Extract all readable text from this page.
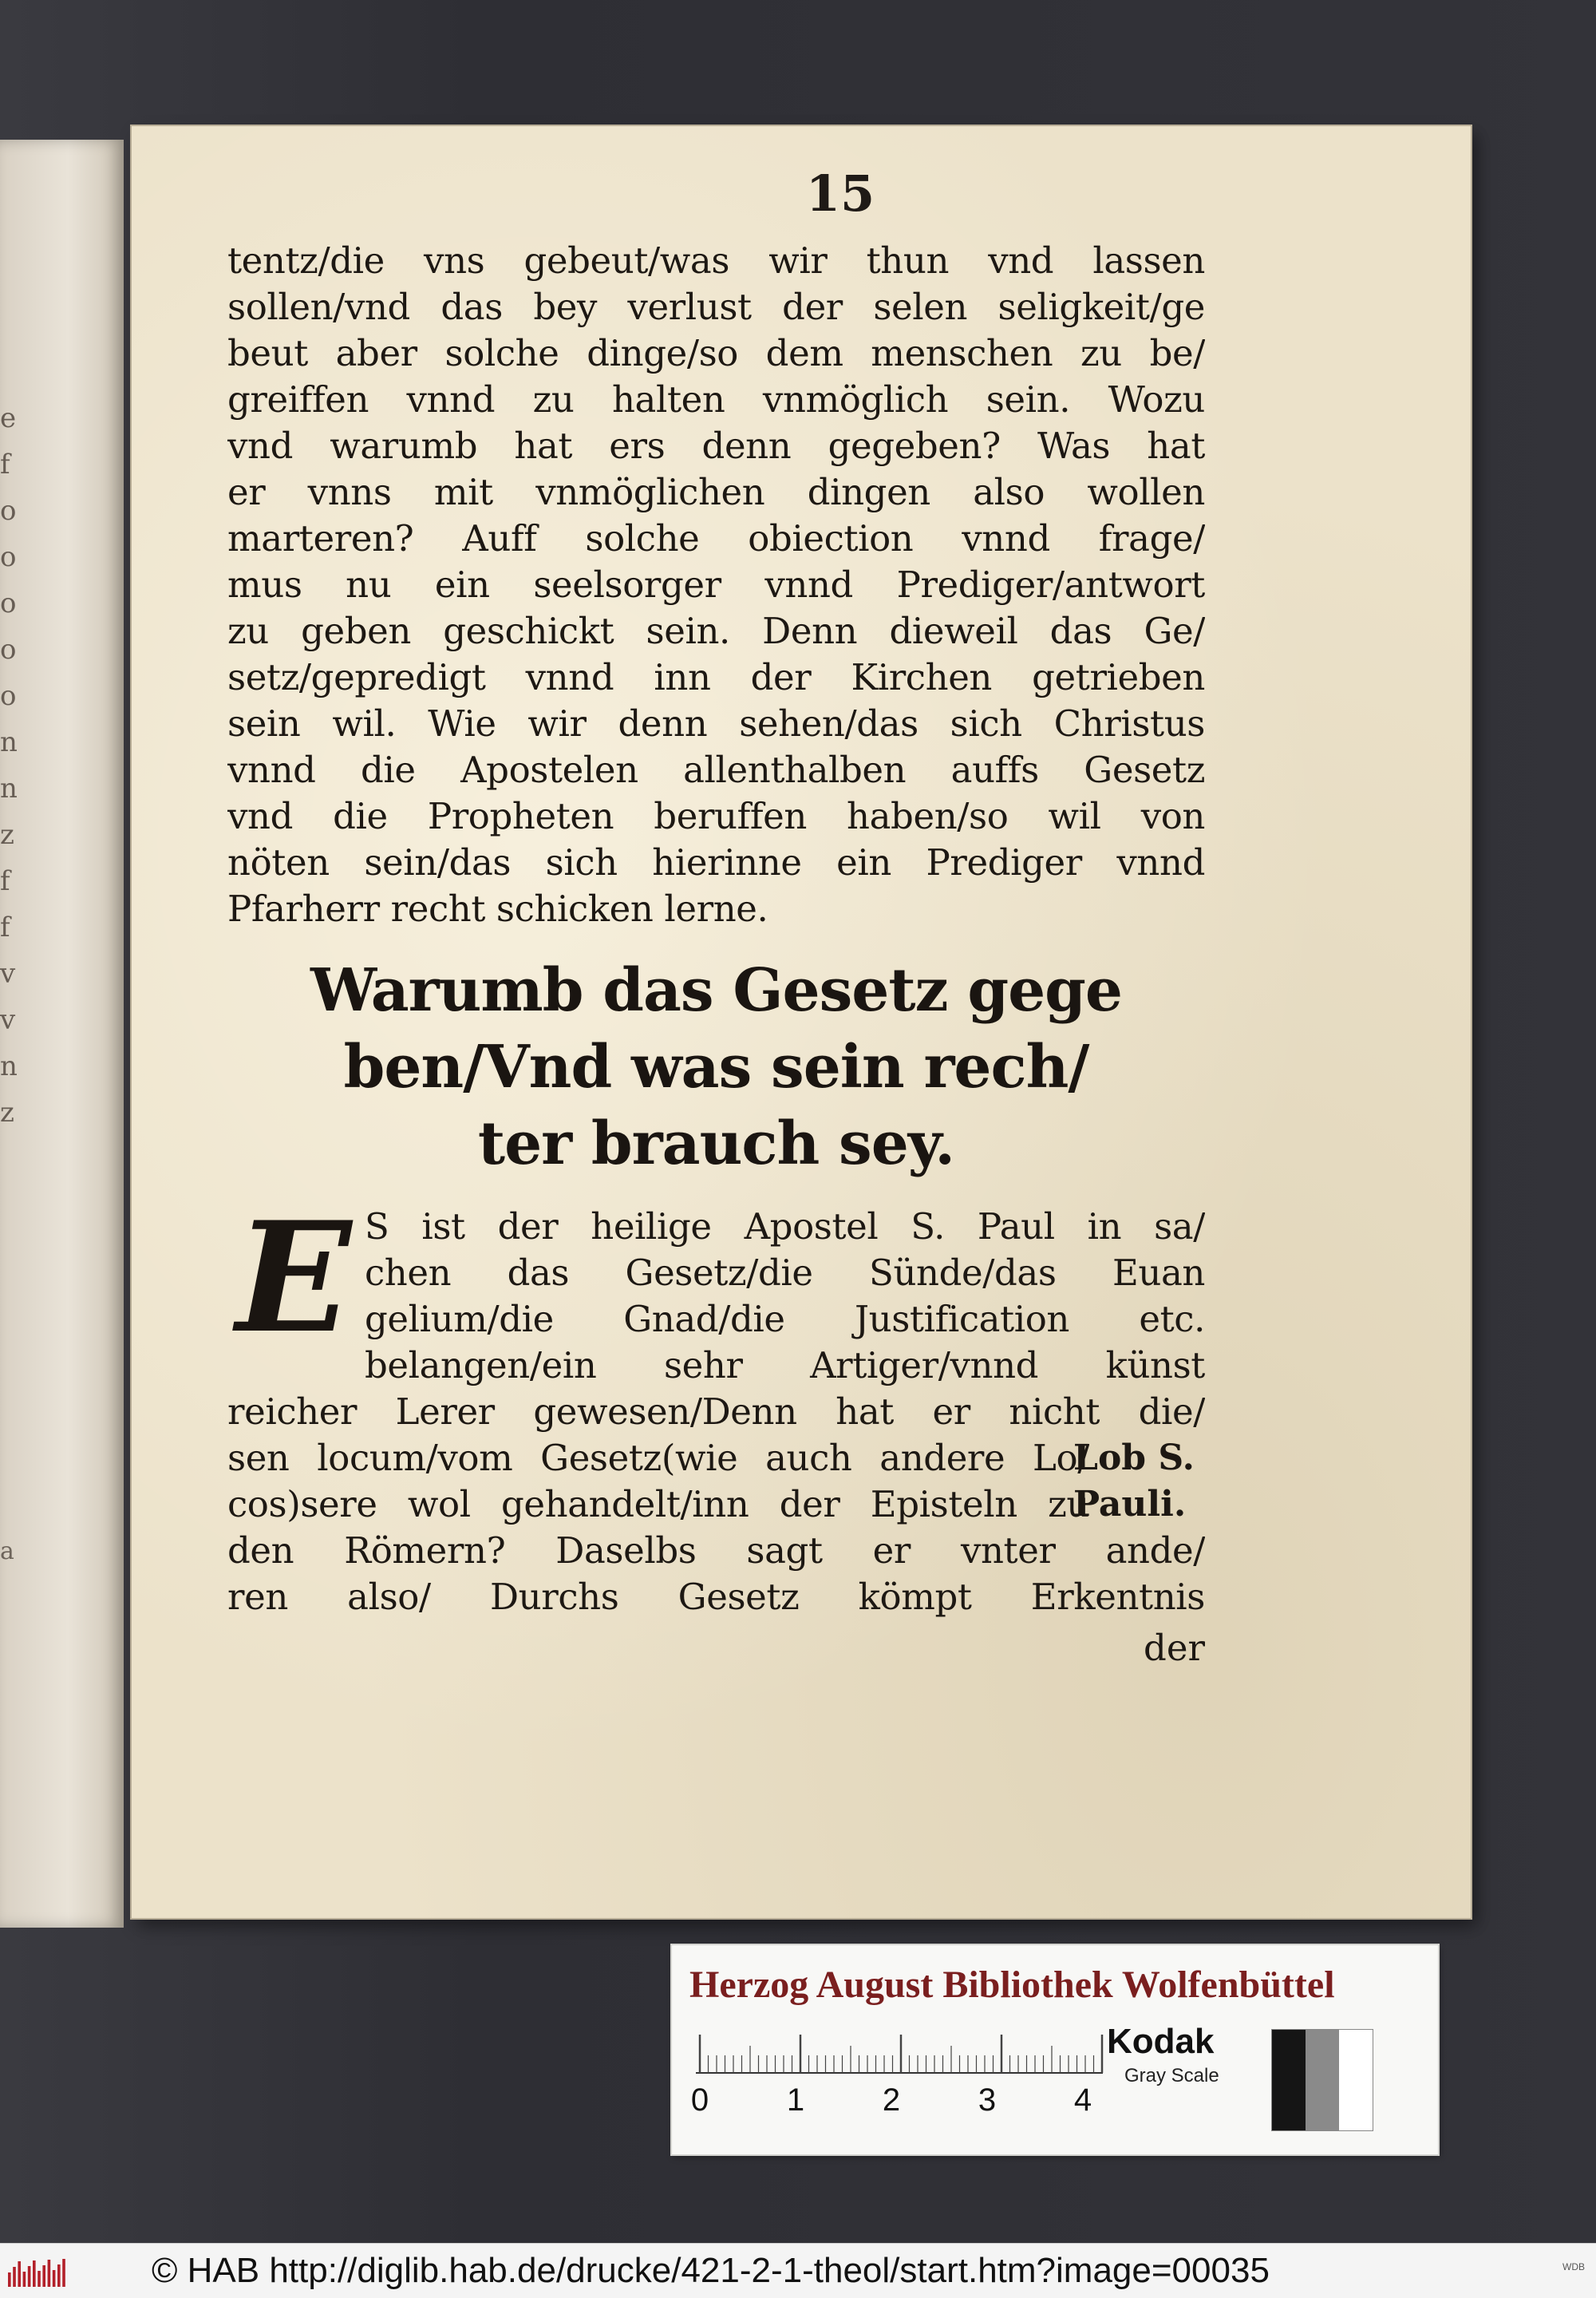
e
f
o
o
o
o
o
n
n
z
f
f
v
v
n
z
a
15
tentz/die vns gebeut/was wir thun vnd lassen
sollen/vnd das bey verlust der selen seligkeit/ge
beut aber solche dinge/so dem menschen zu be/
greiffen vnnd zu halten vnmöglich sein. Wozu
vnd warumb hat ers denn gegeben? Was hat
er vnns mit vnmöglichen dingen also wollen
marteren? Auff solche obiection vnnd frage/
mus nu ein seelsorger vnnd Prediger/antwort
zu geben geschickt sein. Denn dieweil das Ge/
setz/gepredigt vnnd inn der Kirchen getrieben
sein wil. Wie wir denn sehen/das sich Christus
vnnd die Apostelen allenthalben auffs Gesetz
vnd die Propheten beruffen haben/so wil von
nöten sein/das sich hierinne ein Prediger vnnd
Pfarherr recht schicken lerne.
Warumb das Gesetz gege
ben/Vnd was sein rech/
ter brauch sey.
E S ist der heilige Apostel S. Paul in sa/
chen das Gesetz/die Sünde/das Euan
gelium/die Gnad/die Justification etc.
belangen/ein sehr Artiger/vnnd künst
reicher Lerer gewesen/Denn hat er nicht die/
sen locum/vom Gesetz(wie auch andere Lo/
cos)sere wol gehandelt/inn der Episteln zu
den Römern? Daselbs sagt er vnter ande/
ren also/ Durchs Gesetz kömpt Erkentnis
der
Lob S.
Pauli.
Herzog August Bibliothek Wolfenbüttel
0 1 2 3 4
Kodak
Gray Scale
© HAB http://diglib.hab.de/drucke/421-2-1-theol/start.htm?image=00035	WDB
